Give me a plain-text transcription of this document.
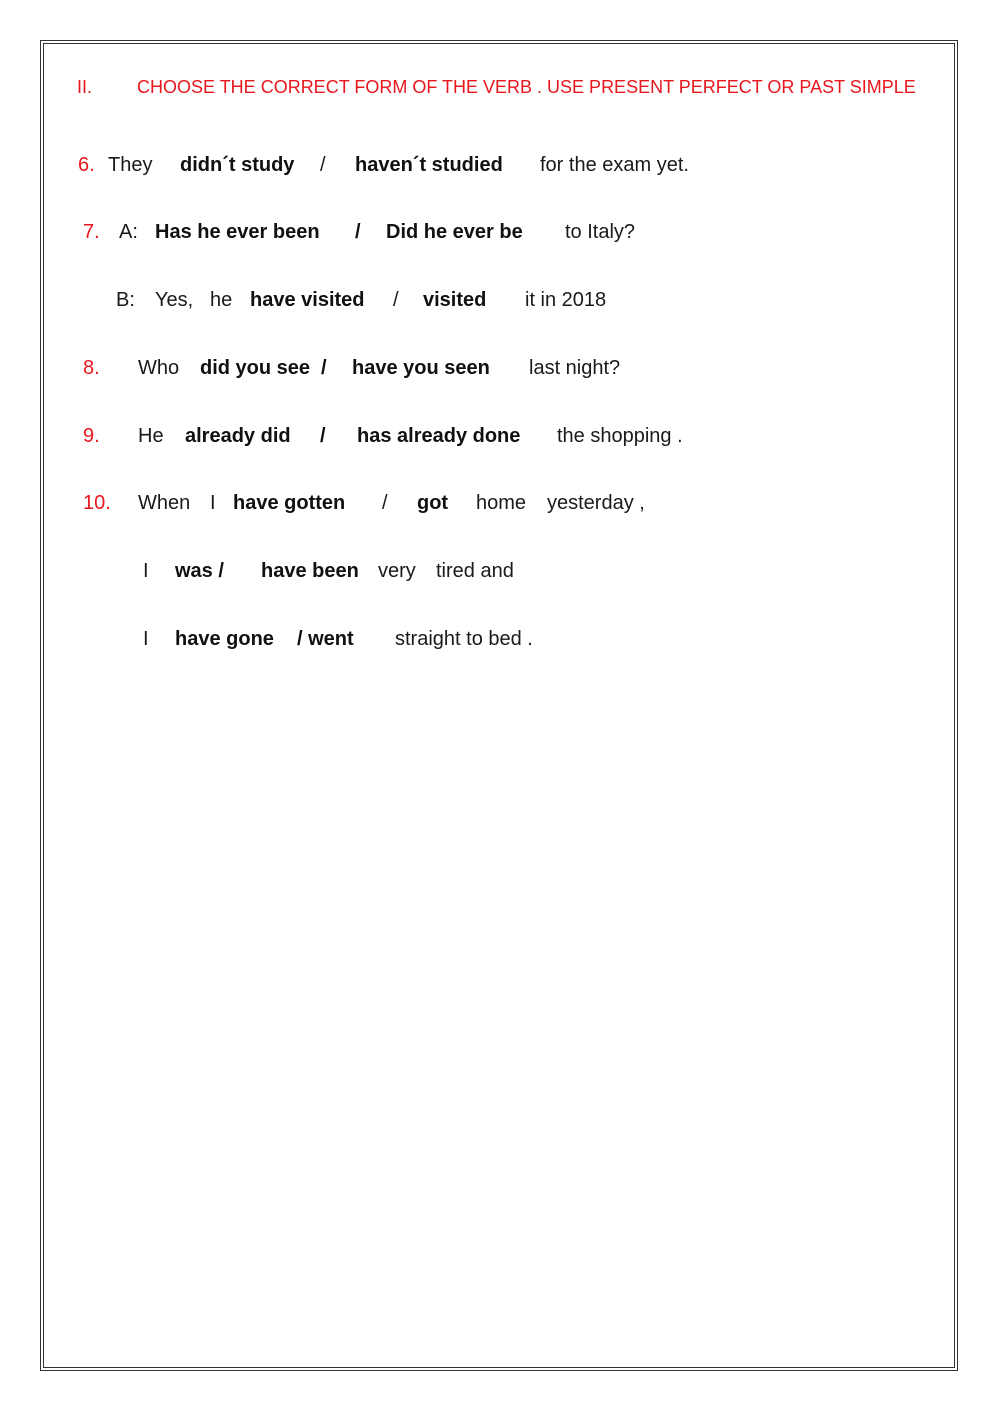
II. CHOOSE THE CORRECT FORM OF THE VERB . USE PRESENT PERFECT OR PAST SIMPLE
6. They didn´t study / haven´t studied for the exam yet.
7. A: Has he ever been / Did he ever be to Italy?
B: Yes, he have visited / visited it in 2018
8. Who did you see / have you seen last night?
9. He already did / has already done the shopping .
10. When I have gotten / got home yesterday ,
I was / have been very tired and
I have gone / went straight to bed .
